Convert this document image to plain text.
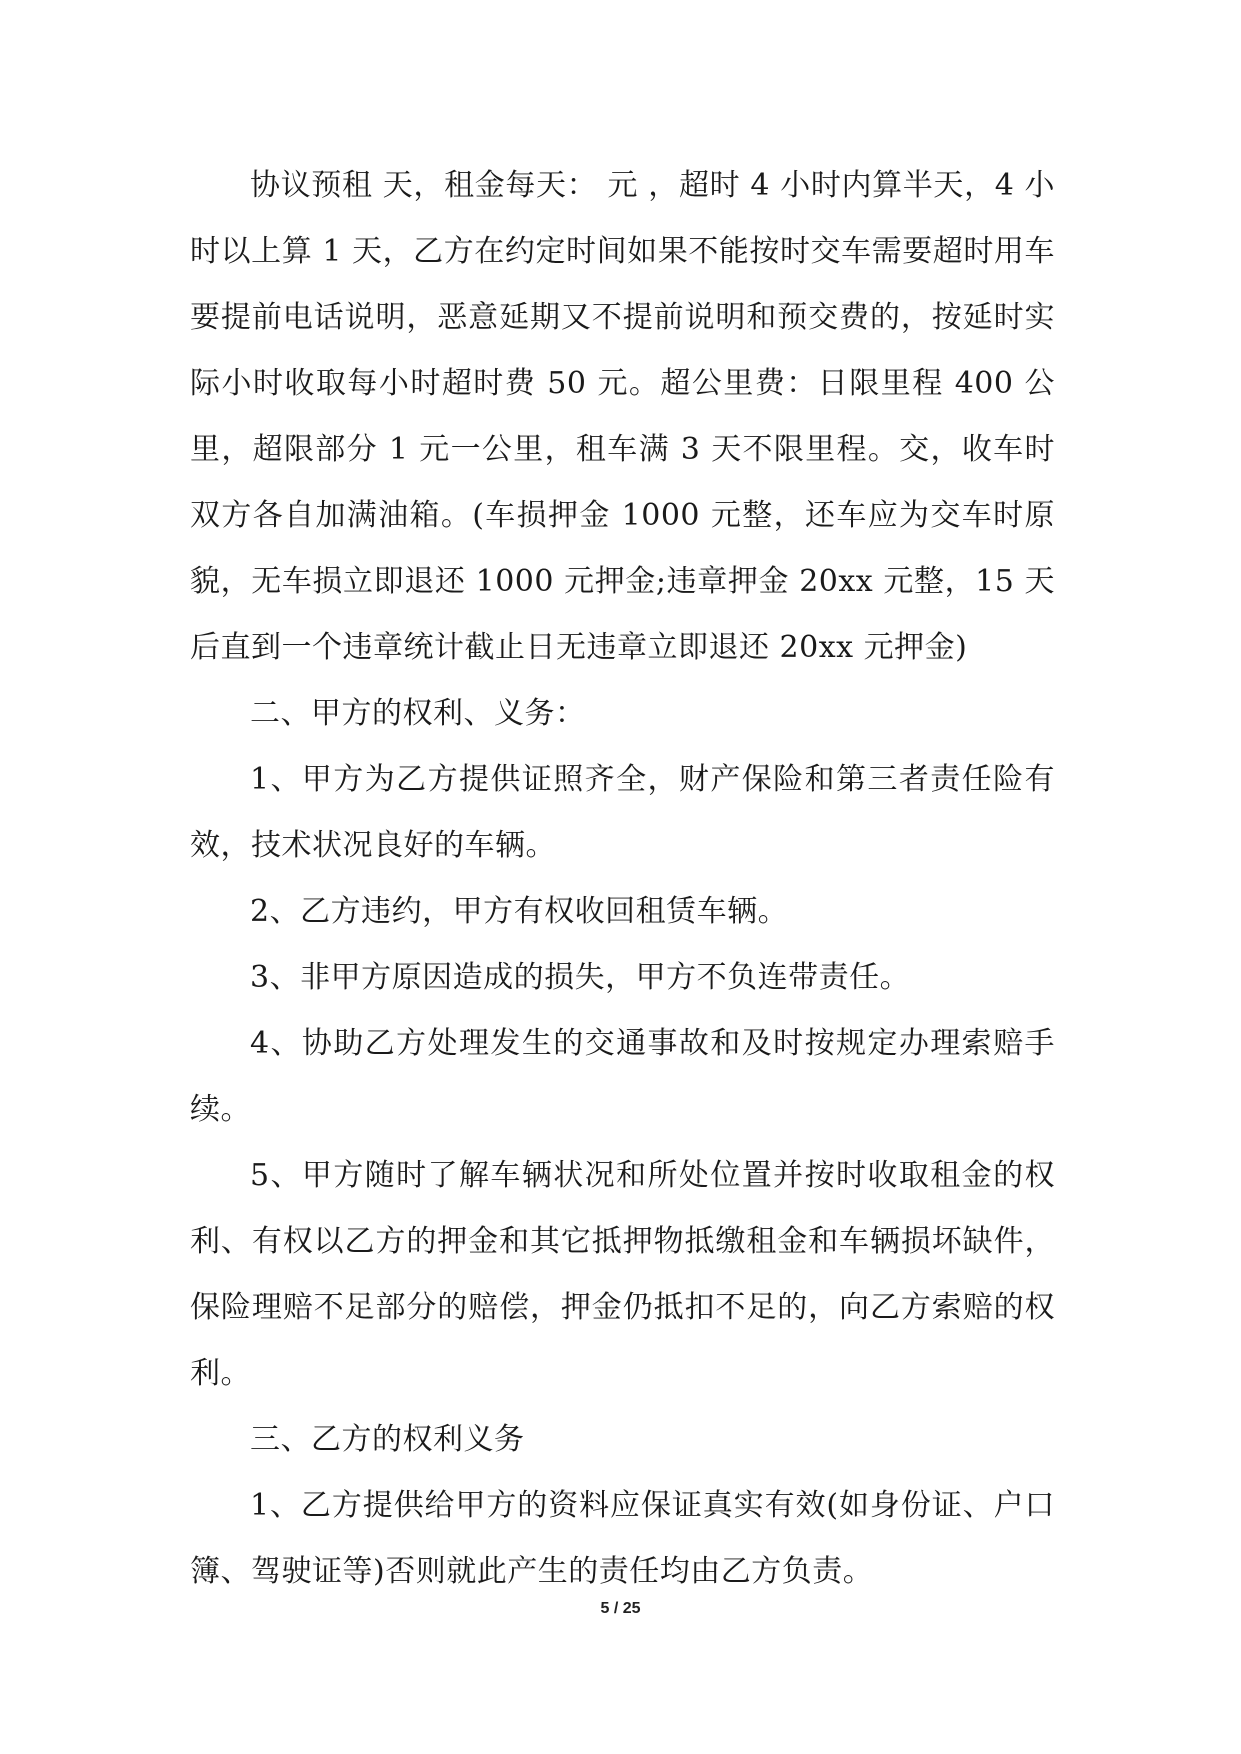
协议预租 天，租金每天： 元 ，超时 4 小时内算半天，4 小时以上算 1 天，乙方在约定时间如果不能按时交车需要超时用车要提前电话说明，恶意延期又不提前说明和预交费的，按延时实际小时收取每小时超时费 50 元。超公里费：日限里程 400 公里，超限部分 1 元一公里，租车满 3 天不限里程。交，收车时双方各自加满油箱。(车损押金 1000 元整，还车应为交车时原貌，无车损立即退还 1000 元押金;违章押金 20xx 元整，15 天后直到一个违章统计截止日无违章立即退还 20xx 元押金)

二、甲方的权利、义务：

1、甲方为乙方提供证照齐全，财产保险和第三者责任险有效，技术状况良好的车辆。

2、乙方违约，甲方有权收回租赁车辆。

3、非甲方原因造成的损失，甲方不负连带责任。

4、协助乙方处理发生的交通事故和及时按规定办理索赔手续。

5、甲方随时了解车辆状况和所处位置并按时收取租金的权利、有权以乙方的押金和其它抵押物抵缴租金和车辆损坏缺件，保险理赔不足部分的赔偿，押金仍抵扣不足的，向乙方索赔的权利。

三、乙方的权利义务

1、乙方提供给甲方的资料应保证真实有效(如身份证、户口簿、驾驶证等)否则就此产生的责任均由乙方负责。

5 / 25
